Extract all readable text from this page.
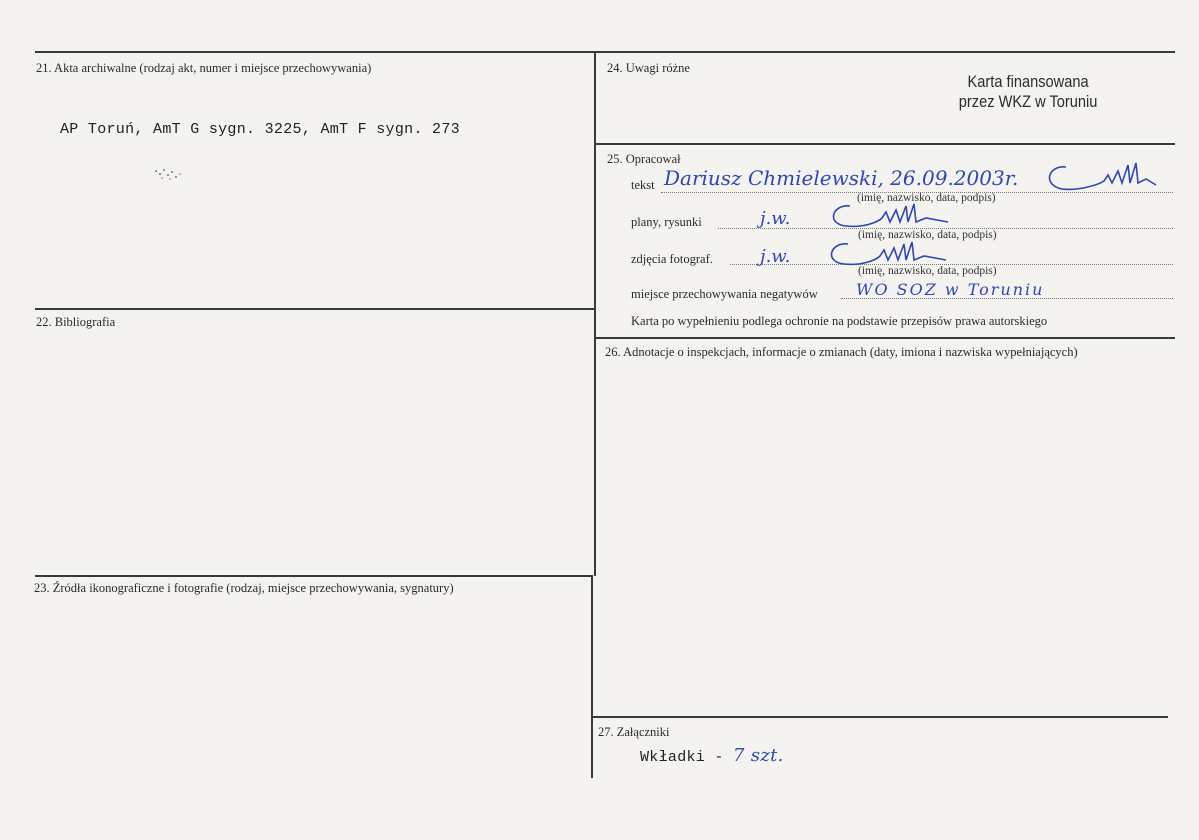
21. Akta archiwalne (rodzaj akt, numer i miejsce przechowywania)
AP Toruń, AmT G sygn. 3225, AmT F sygn. 273
22. Bibliografia
23. Źródła ikonograficzne i fotografie (rodzaj, miejsce przechowywania, sygnatury)
24. Uwagi różne
Karta finansowana
przez WKZ w Toruniu
25. Opracował
tekst Dariusz Chmielewski, 26.09.2003r.
(imię, nazwisko, data, podpis)
plany, rysunki	j.w.
(imię, nazwisko, data, podpis)
zdjęcia fotograf.	j.w.
(imię, nazwisko, data, podpis)
miejsce przechowywania negatywów WO SOZ w Toruniu
Karta po wypełnieniu podlega ochronie na podstawie przepisów prawa autorskiego
26. Adnotacje o inspekcjach, informacje o zmianach (daty, imiona i nazwiska wypełniających)
27. Załączniki
Wkładki - 7 szt.
